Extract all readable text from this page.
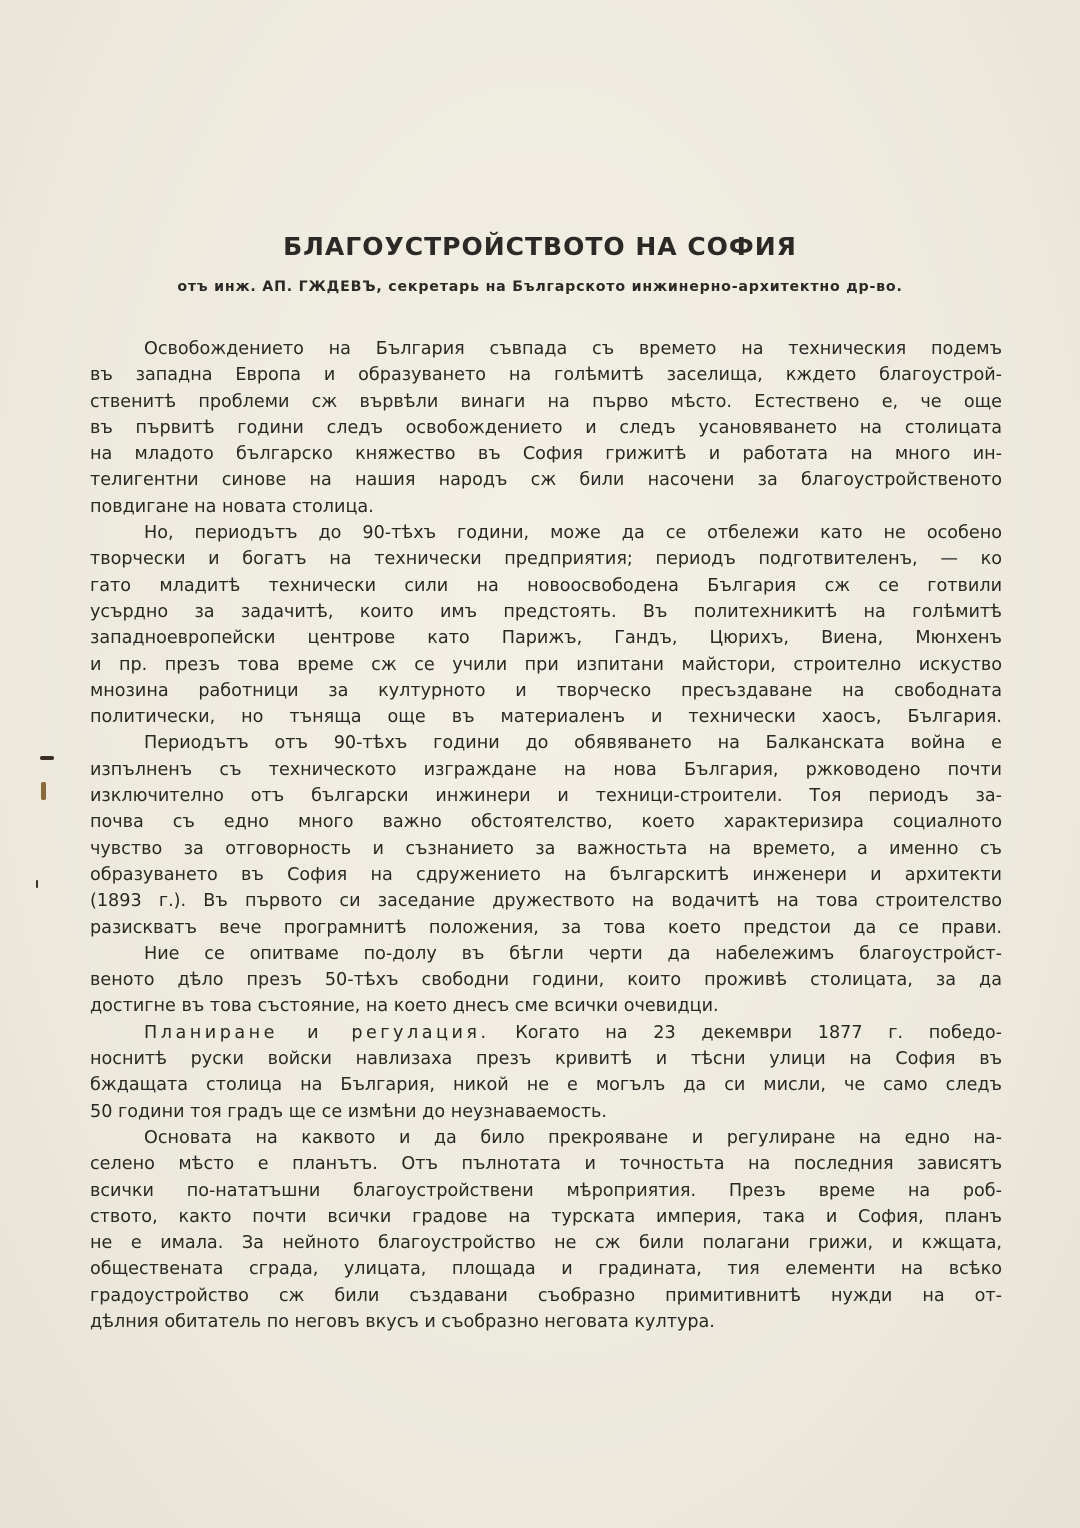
БЛАГОУСТРОЙСТВОТО НА СОФИЯ
отъ инж. АП. ГЖДЕВЪ, секретарь на Българското инжинерно-архитектно др-во.
Освобождението на България съвпада съ времето на техническия подемъ
въ западна Европа и образуването на голѣмитѣ заселища, кждето благоустрой-
ственитѣ проблеми сж вървѣли винаги на първо мѣсто. Естествено е, че още
въ първитѣ години следъ освобождението и следъ усановяването на столицата
на младото българско княжество въ София грижитѣ и работата на много ин-
телигентни синове на нашия народъ сж били насочени за благоустройственото
повдигане на новата столица.
Но, периодътъ до 90-тѣхъ години, може да се отбележи като не особено
творчески и богатъ на технически предприятия; периодъ подготвителенъ, — ко
гато младитѣ технически сили на новоосвободена България сж се готвили
усърдно за задачитѣ, които имъ предстоять. Въ политехникитѣ на голѣмитѣ
западноевропейски центрове като Парижъ, Гандъ, Цюрихъ, Виена, Мюнхенъ
и пр. презъ това време сж се учили при изпитани майстори, строително искуство
мнозина работници за културното и творческо пресъздаване на свободната
политически, но тъняща още въ материаленъ и технически хаосъ, България.
Периодътъ отъ 90-тѣхъ години до обявяването на Балканската война е
изпълненъ съ техническото изграждане на нова България, ржководено почти
изключително отъ български инжинери и техници-строители. Тоя периодъ за-
почва съ едно много важно обстоятелство, което характеризира социалното
чувство за отговорность и съзнанието за важностьта на времето, а именно съ
образуването въ София на сдружението на българскитѣ инженери и архитекти
(1893 г.). Въ първото си заседание дружеството на водачитѣ на това строителство
разискватъ вече програмнитѣ положения, за това което предстои да се прави.
Ние се опитваме по-долу въ бѣгли черти да набележимъ благоустройст-
веното дѣло презъ 50-тѣхъ свободни години, които проживѣ столицата, за да
достигне въ това състояние, на което днесъ сме всички очевидци.
Планиране и регулация. Когато на 23 декември 1877 г. победо-
носнитѣ руски войски навлизаха презъ кривитѣ и тѣсни улици на София въ
бждащата столица на България, никой не е могълъ да си мисли, че само следъ
50 години тоя градъ ще се измѣни до неузнаваемость.
Основата на каквото и да било прекрояване и регулиране на едно на-
селено мѣсто е планътъ. Отъ пълнотата и точностьта на последния зависятъ
всички по-нататъшни благоустройствени мѣроприятия. Презъ време на роб-
ството, както почти всички градове на турската империя, така и София, планъ
не е имала. За нейното благоустройство не сж били полагани грижи, и кжщата,
обществената сграда, улицата, площада и градината, тия елементи на всѣко
градоустройство сж били създавани съобразно примитивнитѣ нужди на от-
дѣлния обитатель по неговъ вкусъ и съобразно неговата култура.
